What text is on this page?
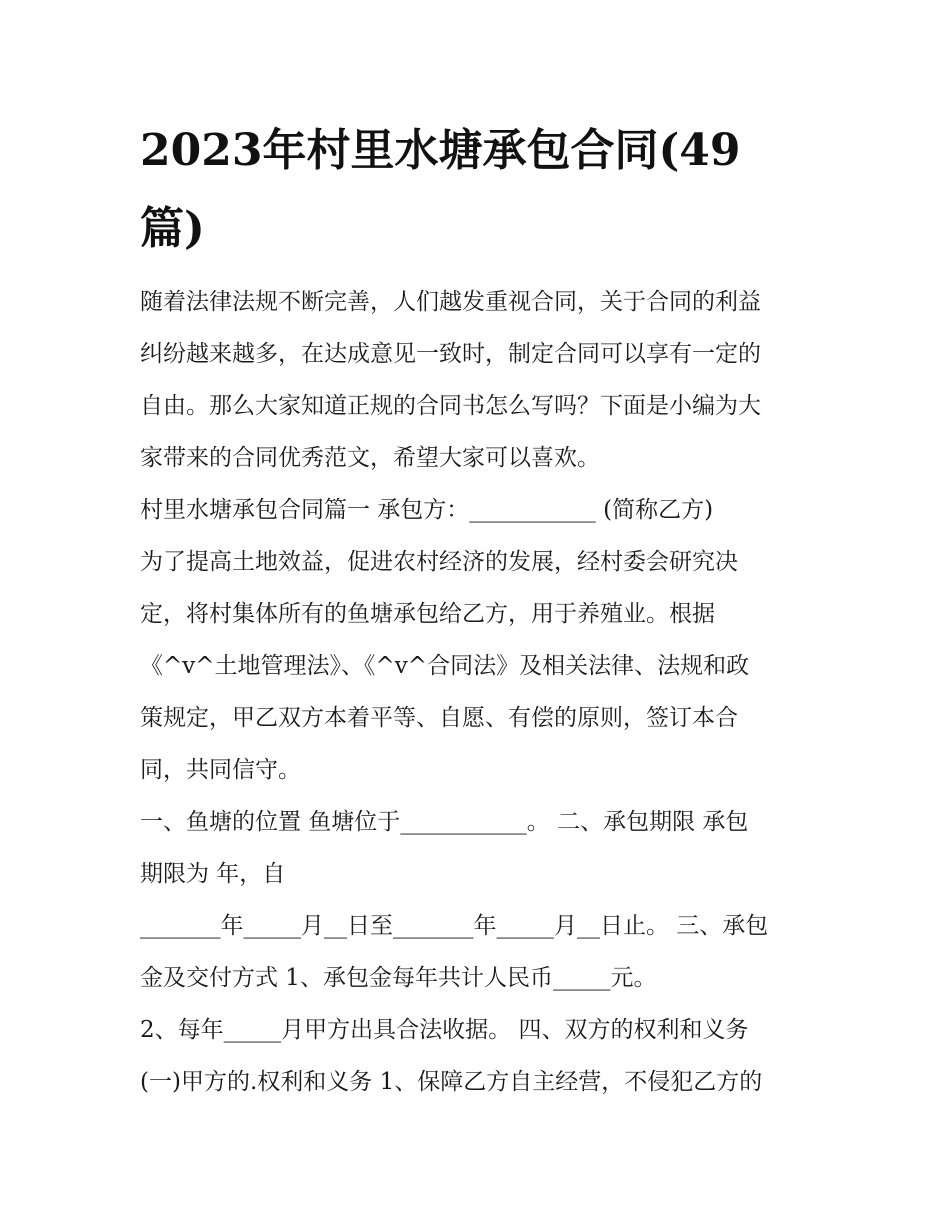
2023年村里水塘承包合同(49
篇)

随着法律法规不断完善，人们越发重视合同，关于合同的利益
纠纷越来越多，在达成意见一致时，制定合同可以享有一定的
自由。那么大家知道正规的合同书怎么写吗？下面是小编为大
家带来的合同优秀范文，希望大家可以喜欢。

村里水塘承包合同篇一 承包方：___________ (简称乙方)

为了提高土地效益，促进农村经济的发展，经村委会研究决
定，将村集体所有的鱼塘承包给乙方，用于养殖业。根据
《^v^土地管理法》、《^v^合同法》及相关法律、法规和政
策规定，甲乙双方本着平等、自愿、有偿的原则，签订本合
同，共同信守。

一、鱼塘的位置 鱼塘位于___________。 二、承包期限 承包
期限为 年，自
_______年_____月__日至_______年_____月__日止。 三、承包
金及交付方式 1、承包金每年共计人民币_____元。

2、每年_____月甲方出具合法收据。 四、双方的权利和义务
(一)甲方的.权利和义务 1、保障乙方自主经营，不侵犯乙方的
